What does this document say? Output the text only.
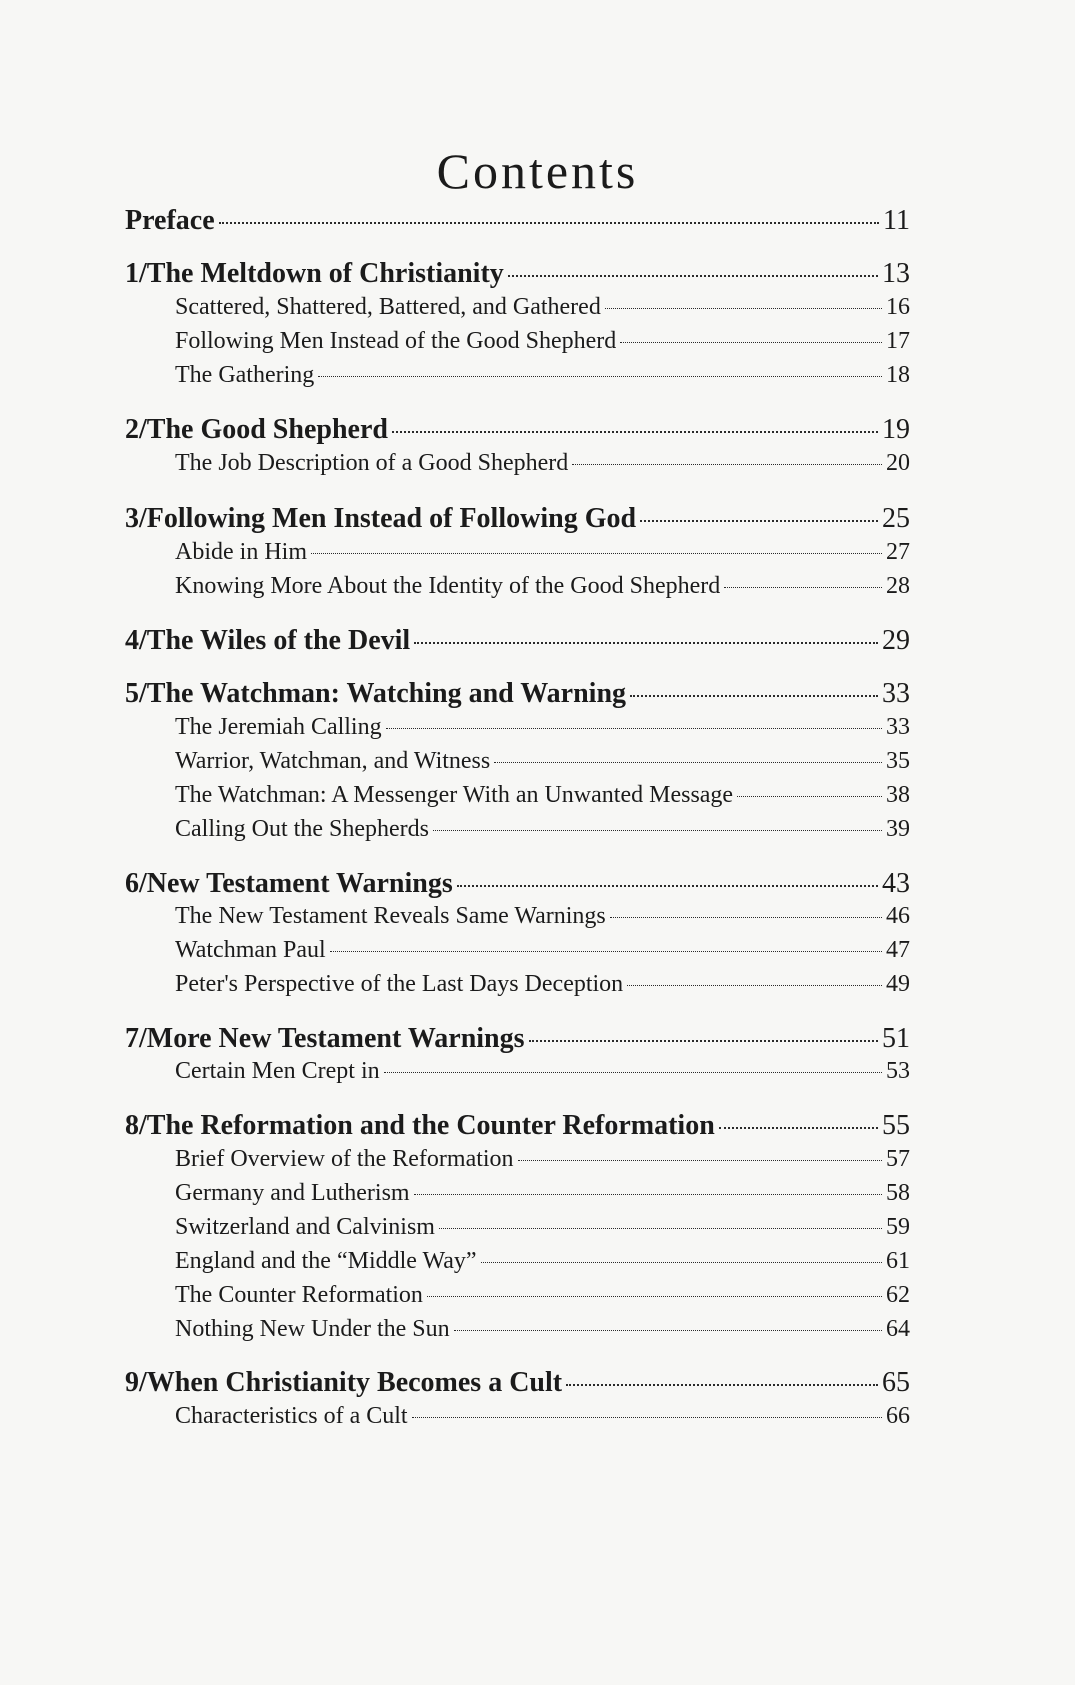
Contents
Preface	11
1/The Meltdown of Christianity	13
Scattered, Shattered, Battered, and Gathered	16
Following Men Instead of the Good Shepherd	17
The Gathering	18
2/The Good Shepherd	19
The Job Description of a Good Shepherd	20
3/Following Men Instead of Following God	25
Abide in Him	27
Knowing More About the Identity of the Good Shepherd	28
4/The Wiles of the Devil	29
5/The Watchman: Watching and Warning	33
The Jeremiah Calling	33
Warrior, Watchman, and Witness	35
The Watchman: A Messenger With an Unwanted Message	38
Calling Out the Shepherds	39
6/New Testament Warnings	43
The New Testament Reveals Same Warnings	46
Watchman Paul	47
Peter's Perspective of the Last Days Deception	49
7/More New Testament Warnings	51
Certain Men Crept in	53
8/The Reformation and the Counter Reformation	55
Brief Overview of the Reformation	57
Germany and Lutherism	58
Switzerland and Calvinism	59
England and the “Middle Way”	61
The Counter Reformation	62
Nothing New Under the Sun	64
9/When Christianity Becomes a Cult	65
Characteristics of a Cult	66
